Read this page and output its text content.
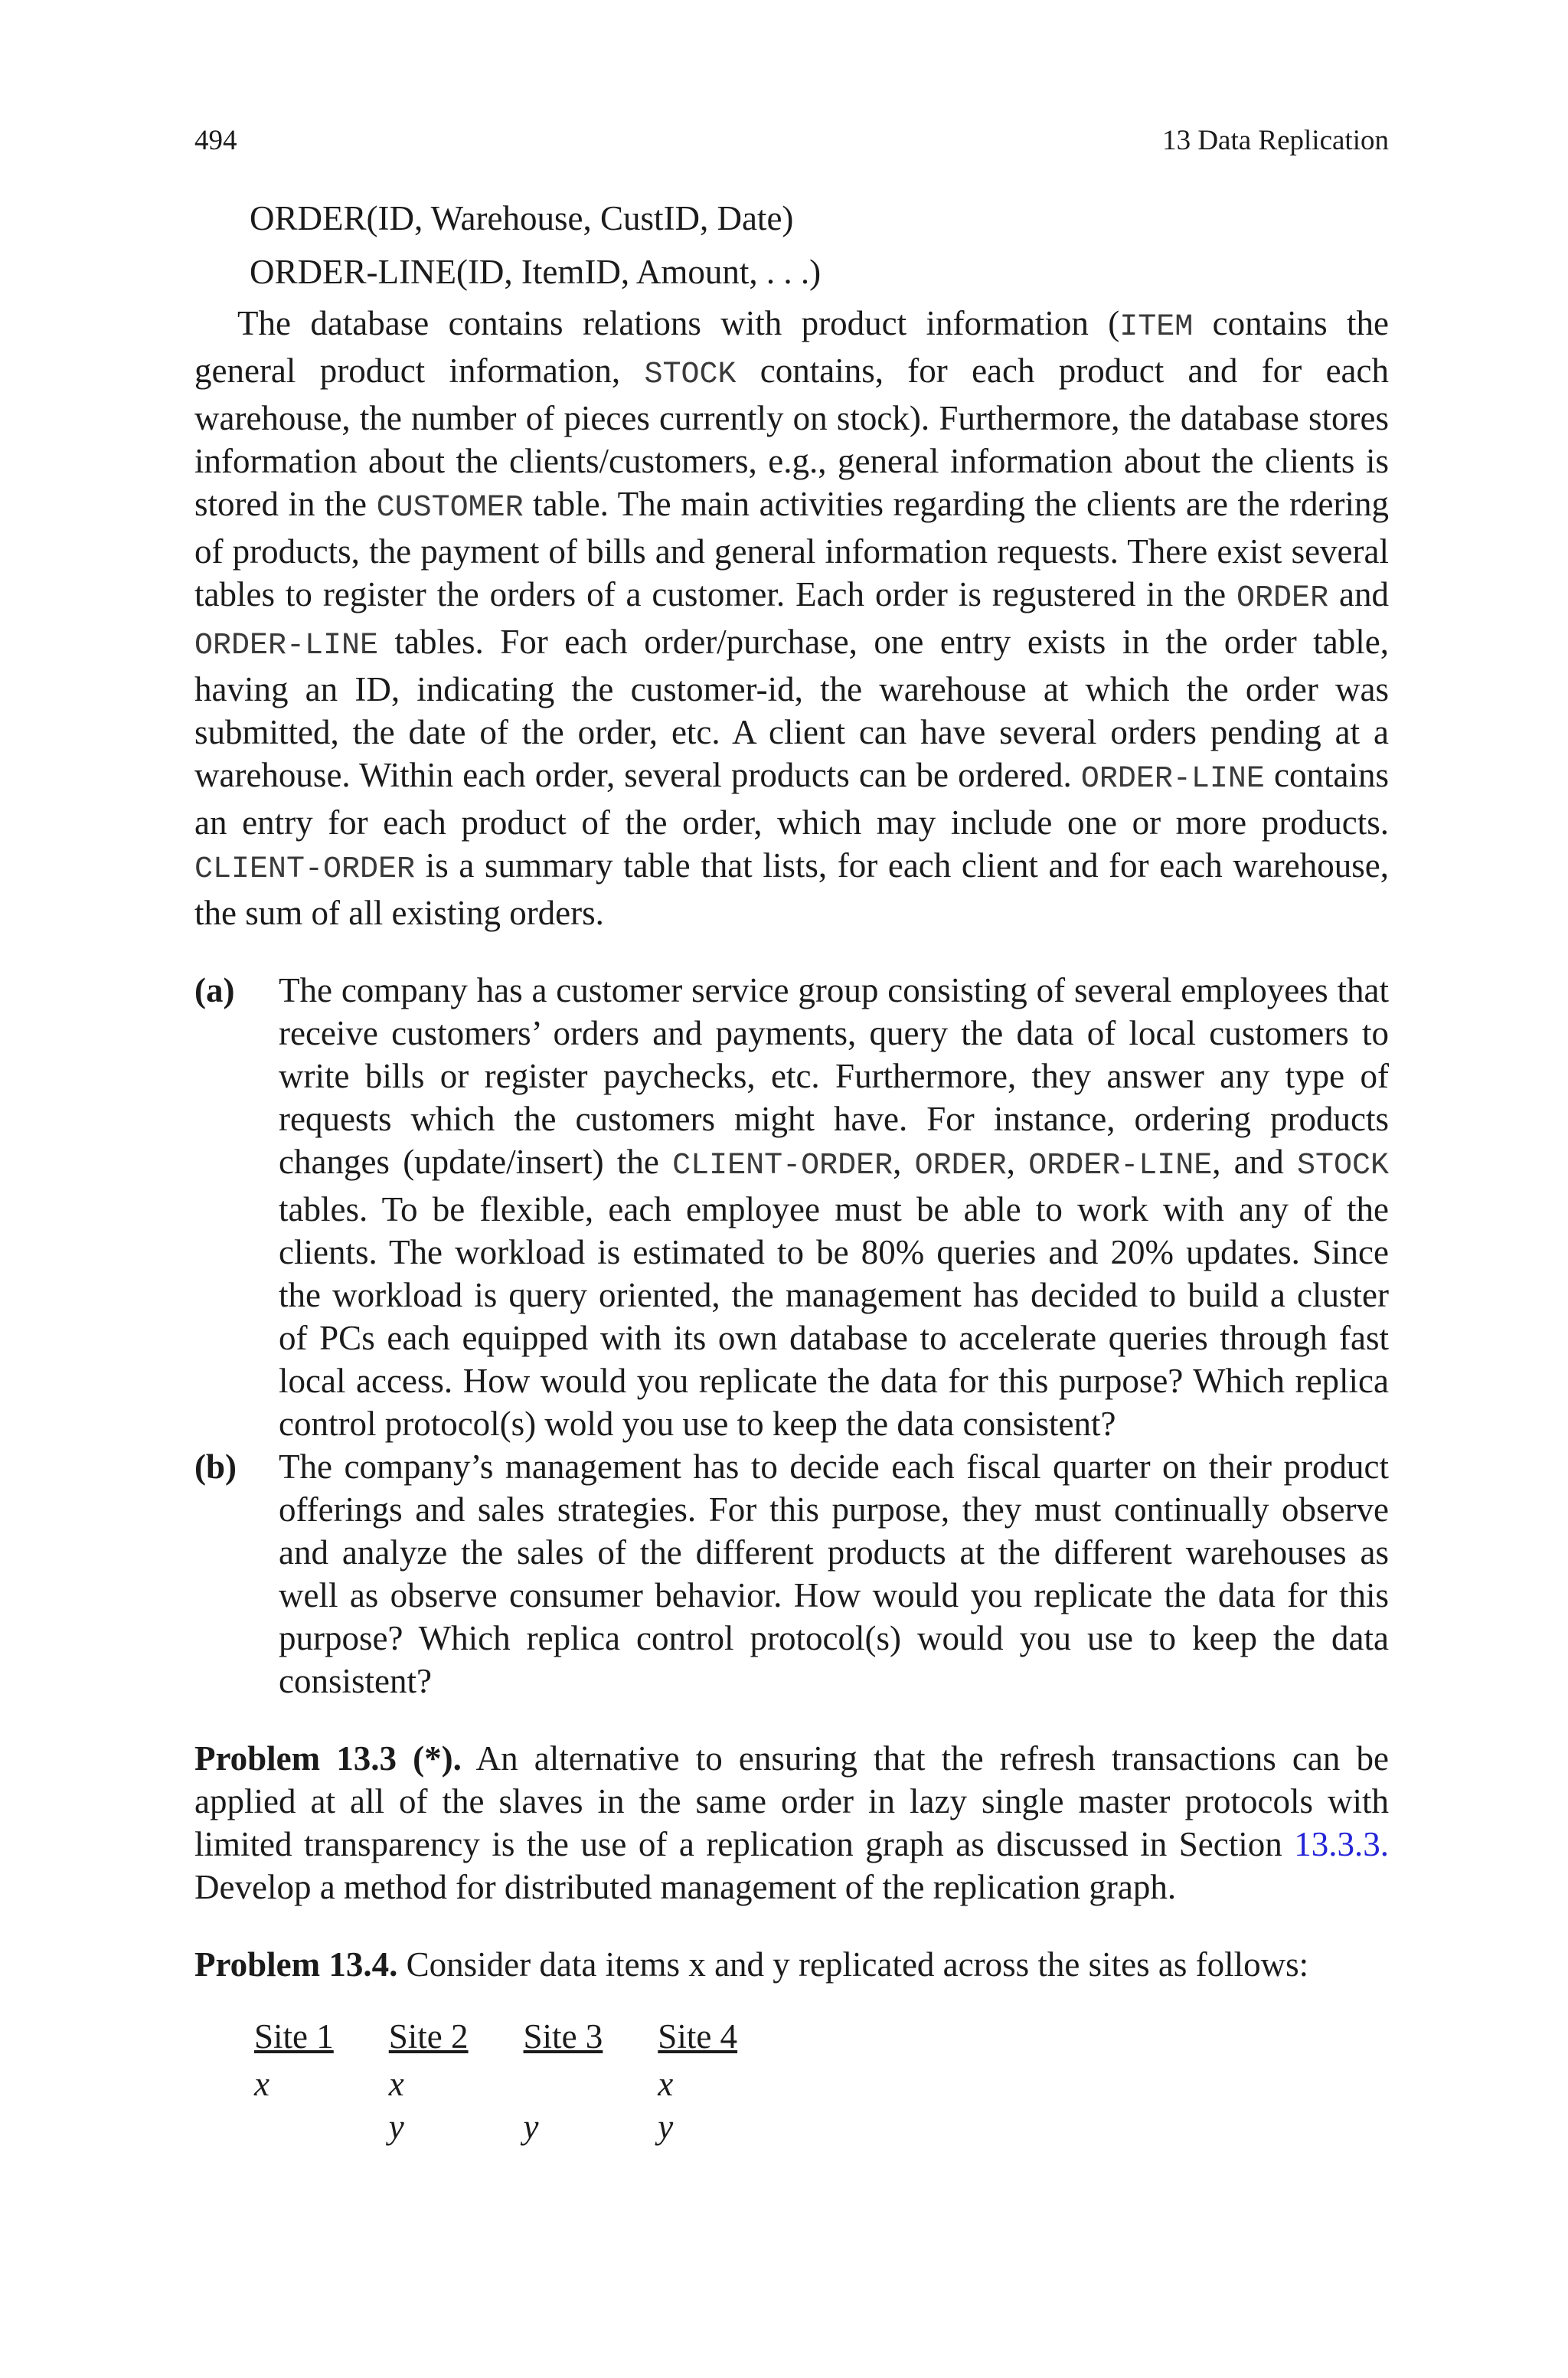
494	13 Data Replication
ORDER(ID, Warehouse, CustID, Date)
ORDER-LINE(ID, ItemID, Amount, . . .)

The database contains relations with product information (ITEM contains the general product information, STOCK contains, for each product and for each warehouse, the number of pieces currently on stock). Furthermore, the database stores information about the clients/customers, e.g., general information about the clients is stored in the CUSTOMER table. The main activities regarding the clients are the rdering of products, the payment of bills and general information requests. There exist several tables to register the orders of a customer. Each order is regustered in the ORDER and ORDER-LINE tables. For each order/purchase, one entry exists in the order table, having an ID, indicating the customer-id, the warehouse at which the order was submitted, the date of the order, etc. A client can have several orders pending at a warehouse. Within each order, several products can be ordered. ORDER-LINE contains an entry for each product of the order, which may include one or more products. CLIENT-ORDER is a summary table that lists, for each client and for each warehouse, the sum of all existing orders.

(a)	The company has a customer service group consisting of several employees that receive customers’ orders and payments, query the data of local customers to write bills or register paychecks, etc. Furthermore, they answer any type of requests which the customers might have. For instance, ordering products changes (update/insert) the CLIENT-ORDER, ORDER, ORDER-LINE, and STOCK tables. To be flexible, each employee must be able to work with any of the clients. The workload is estimated to be 80% queries and 20% updates. Since the workload is query oriented, the management has decided to build a cluster of PCs each equipped with its own database to accelerate queries through fast local access. How would you replicate the data for this purpose? Which replica control protocol(s) wold you use to keep the data consistent?
(b)	The company’s management has to decide each fiscal quarter on their product offerings and sales strategies. For this purpose, they must continually observe and analyze the sales of the different products at the different warehouses as well as observe consumer behavior. How would you replicate the data for this purpose? Which replica control protocol(s) would you use to keep the data consistent?

Problem 13.3 (*). An alternative to ensuring that the refresh transactions can be applied at all of the slaves in the same order in lazy single master protocols with limited transparency is the use of a replication graph as discussed in Section 13.3.3. Develop a method for distributed management of the replication graph.

Problem 13.4. Consider data items x and y replicated across the sites as follows:

Site 1	Site 2	Site 3	Site 4
x	x		x
	y	y	y
